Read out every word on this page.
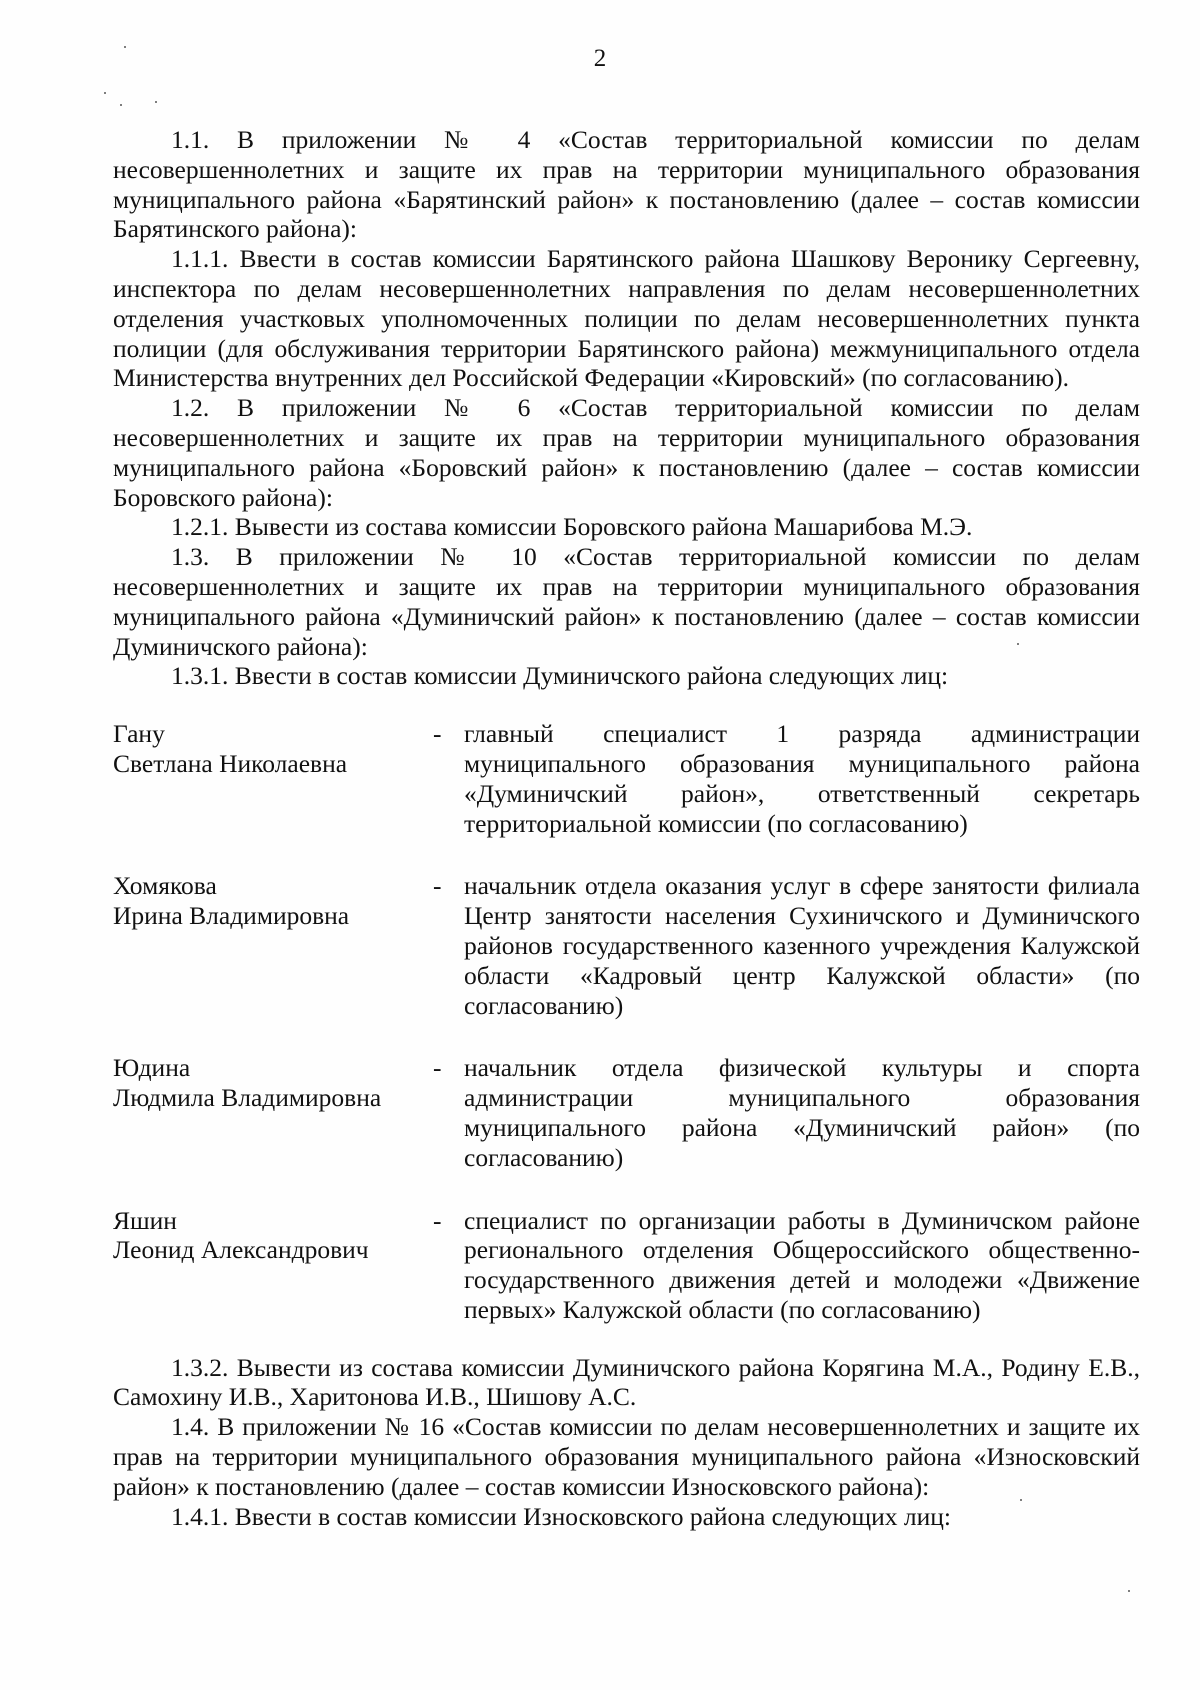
2

1.1. В приложении № 4 «Состав территориальной комиссии по делам несовершеннолетних и защите их прав на территории муниципального образования муниципального района «Барятинский район» к постановлению (далее – состав комиссии Барятинского района):

1.1.1. Ввести в состав комиссии Барятинского района Шашкову Веронику Сергеевну, инспектора по делам несовершеннолетних направления по делам несовершеннолетних отделения участковых уполномоченных полиции по делам несовершеннолетних пункта полиции (для обслуживания территории Барятинского района) межмуниципального отдела Министерства внутренних дел Российской Федерации «Кировский» (по согласованию).

1.2. В приложении № 6 «Состав территориальной комиссии по делам несовершеннолетних и защите их прав на территории муниципального образования муниципального района «Боровский район» к постановлению (далее – состав комиссии Боровского района):

1.2.1. Вывести из состава комиссии Боровского района Машарибова М.Э.

1.3. В приложении № 10 «Состав территориальной комиссии по делам несовершеннолетних и защите их прав на территории муниципального образования муниципального района «Думиничский район» к постановлению (далее – состав комиссии Думиничского района):

1.3.1. Ввести в состав комиссии Думиничского района следующих лиц:

Гану
Светлана Николаевна
- главный специалист 1 разряда администрации муниципального образования муниципального района «Думиничский район», ответственный секретарь территориальной комиссии (по согласованию)
Хомякова
Ирина Владимировна
- начальник отдела оказания услуг в сфере занятости филиала Центр занятости населения Сухиничского и Думиничского районов государственного казенного учреждения Калужской области «Кадровый центр Калужской области» (по согласованию)
Юдина
Людмила Владимировна
- начальник отдела физической культуры и спорта администрации муниципального образования муниципального района «Думиничский район» (по согласованию)
Яшин
Леонид Александрович
- специалист по организации работы в Думиничском районе регионального отделения Общероссийского общественно-государственного движения детей и молодежи «Движение первых» Калужской области (по согласованию)

1.3.2. Вывести из состава комиссии Думиничского района Корягина М.А., Родину Е.В., Самохину И.В., Харитонова И.В., Шишову А.С.

1.4. В приложении № 16 «Состав комиссии по делам несовершеннолетних и защите их прав на территории муниципального образования муниципального района «Износковский район» к постановлению (далее – состав комиссии Износковского района):

1.4.1. Ввести в состав комиссии Износковского района следующих лиц:
